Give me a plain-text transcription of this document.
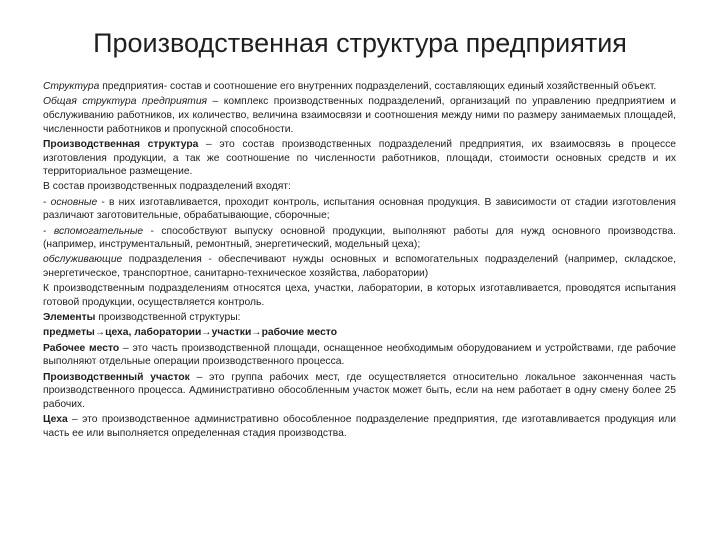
Производственная структура предприятия

Структура предприятия- состав и соотношение его внутренних подразделений, составляющих единый хозяйственный объект.

Общая структура предприятия – комплекс производственных подразделений, организаций по управлению предприятием и обслуживанию работников, их количество, величина взаимосвязи и соотношения между ними по размеру занимаемых площадей, численности работников и пропускной способности.

Производственная структура – это состав производственных подразделений предприятия, их взаимосвязь в процессе изготовления продукции, а так же соотношение по численности работников, площади, стоимости основных средств и их территориальное размещение.

В состав производственных подразделений входят:

- основные - в них изготавливается, проходит контроль, испытания основная продукция. В зависимости от стадии изготовления различают заготовительные, обрабатывающие, сборочные;

- вспомогательные - способствуют выпуску основной продукции, выполняют работы для нужд основного производства. (например, инструментальный, ремонтный, энергетический, модельный цеха);

обслуживающие подразделения - обеспечивают нужды основных и вспомогательных подразделений (например, складское, энергетическое, транспортное, санитарно-техническое хозяйства, лаборатории)

К производственным подразделениям относятся цеха, участки, лаборатории, в которых изготавливается, проводятся испытания готовой продукции, осуществляется контроль.

Элементы производственной структуры:

предметы→цеха, лаборатории→участки→рабочие место

Рабочее место – это часть производственной площади, оснащенное необходимым оборудованием и устройствами, где рабочие выполняют отдельные операции производственного процесса.

Производственный участок – это группа рабочих мест, где осуществляется относительно локальное законченная часть производственного процесса. Административно обособленным участок может быть, если на нем работает в одну смену более 25 рабочих.

Цеха – это производственное административно обособленное подразделение предприятия, где изготавливается продукция или часть ее или выполняется определенная стадия производства.
